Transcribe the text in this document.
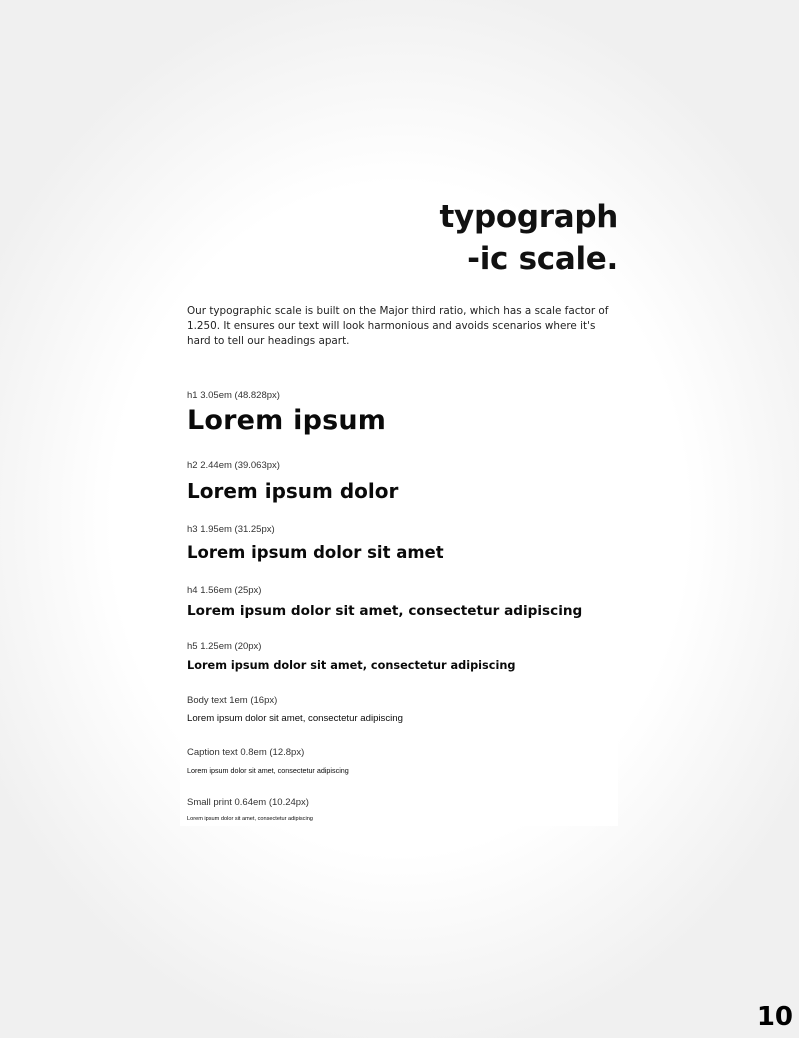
typograph
-ic scale.

Our typographic scale is built on the Major third ratio, which has a scale factor of 1.250. It ensures our text will look harmonious and avoids scenarios where it's hard to tell our headings apart.

h1 3.05em (48.828px)

Lorem ipsum

h2 2.44em (39.063px)

Lorem ipsum dolor

h3 1.95em (31.25px)

Lorem ipsum dolor sit amet

h4 1.56em (25px)

Lorem ipsum dolor sit amet, consectetur adipiscing

h5 1.25em (20px)

Lorem ipsum dolor sit amet, consectetur adipiscing

Body text 1em (16px)

Lorem ipsum dolor sit amet, consectetur adipiscing

Caption text 0.8em (12.8px)

Lorem ipsum dolor sit amet, consectetur adipiscing

Small print 0.64em (10.24px)

Lorem ipsum dolor sit amet, consectetur adipiscing

10
